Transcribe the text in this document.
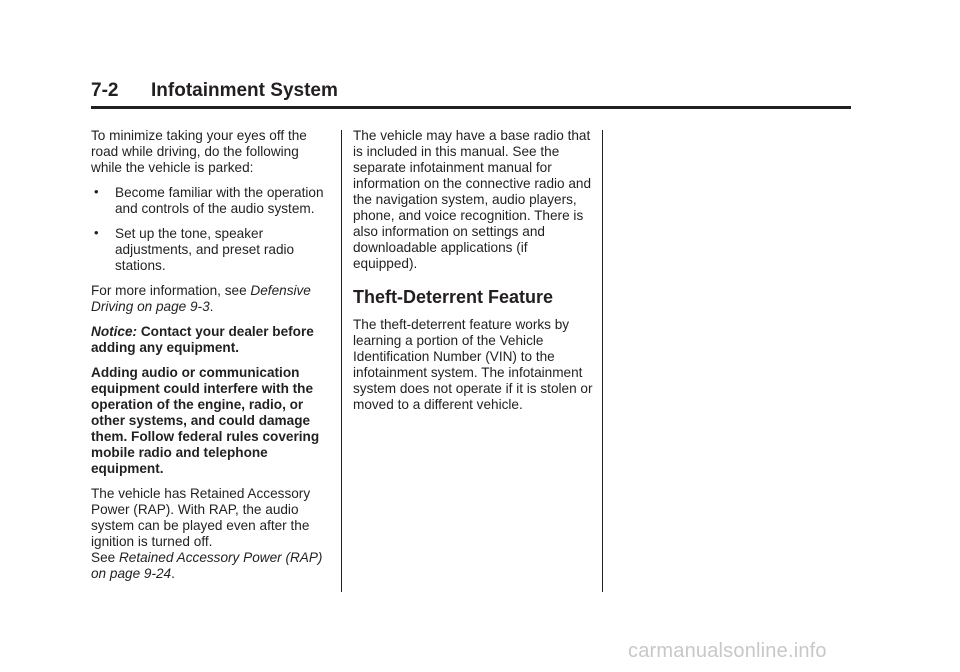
7-2 Infotainment System

To minimize taking your eyes off the road while driving, do the following while the vehicle is parked:

• Become familiar with the operation and controls of the audio system.
• Set up the tone, speaker adjustments, and preset radio stations.

For more information, see Defensive Driving on page 9-3.

Notice: Contact your dealer before adding any equipment.

Adding audio or communication equipment could interfere with the operation of the engine, radio, or other systems, and could damage them. Follow federal rules covering mobile radio and telephone equipment.

The vehicle has Retained Accessory Power (RAP). With RAP, the audio system can be played even after the ignition is turned off.
See Retained Accessory Power (RAP) on page 9-24.

The vehicle may have a base radio that is included in this manual. See the separate infotainment manual for information on the connective radio and the navigation system, audio players, phone, and voice recognition. There is also information on settings and downloadable applications (if equipped).

Theft-Deterrent Feature

The theft-deterrent feature works by learning a portion of the Vehicle Identification Number (VIN) to the infotainment system. The infotainment system does not operate if it is stolen or moved to a different vehicle.

carmanualsonline.info
